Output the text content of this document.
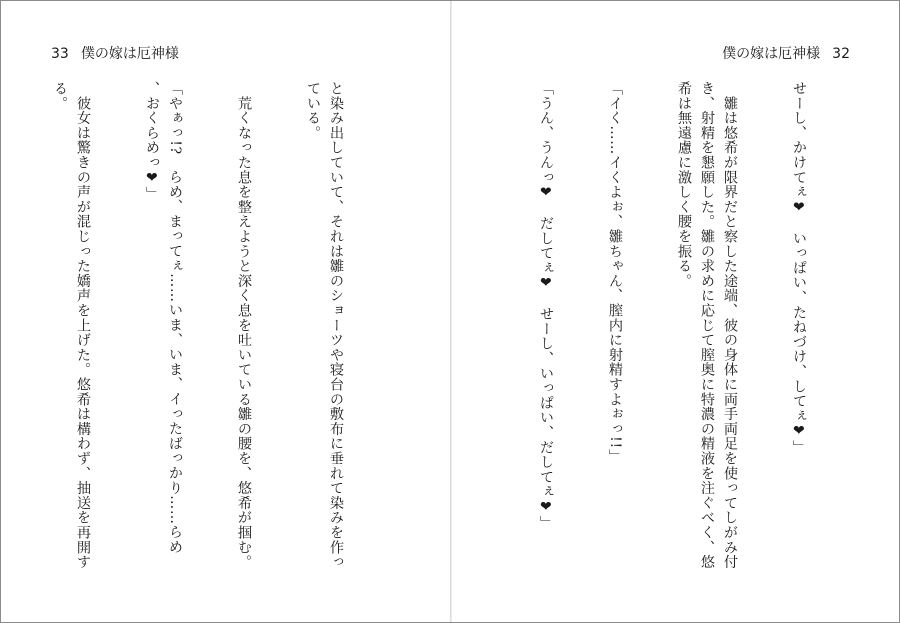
33 僕の嫁は厄神様

と染み出していて、それは雛のショーツや寝台の敷布に垂れて染みを作っ
ている。

　荒くなった息を整えようと深く息を吐いている雛の腰を、悠希が掴む。

「やぁっ!?　らめ、まってぇ……いま、いま、イったばっかり……らめ
、おくらめっ❤」

　彼女は驚きの声が混じった嬌声を上げた。悠希は構わず、抽送を再開す
る。

僕の嫁は厄神様 32

せーし、かけてぇ❤　いっぱい、たねづけ、してぇ❤」

　雛は悠希が限界だと察した途端、彼の身体に両手両足を使ってしがみ付
き、射精を懇願した。雛の求めに応じて膣奥に特濃の精液を注ぐべく、悠
希は無遠慮に激しく腰を振る。

「イく……イくよぉ、雛ちゃん、膣内に射精すよぉっ!!」

「うん、うんっ❤　だしてぇ❤　せーし、いっぱい、だしてぇ❤」
